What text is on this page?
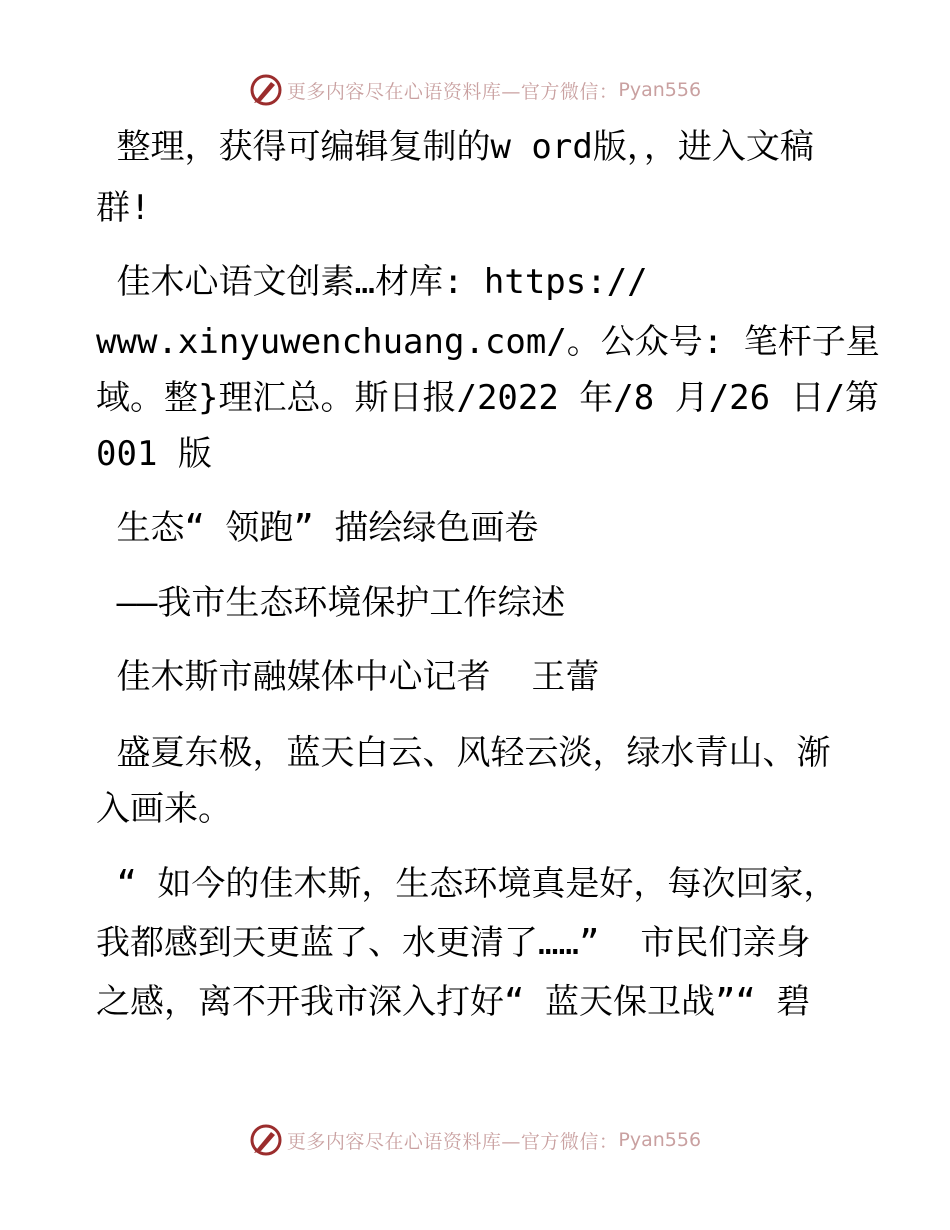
更多内容尽在心语资料库—官方微信： Pyan556

整理，获得可编辑复制的w ord版，，进入文稿

群!

佳木心语文创素…材库: https://

www.xinyuwenchuang.com/。公众号: 笔杆子星

域。整}理汇总。斯日报/2022 年/8 月/26 日/第

001 版

生态“ 领跑” 描绘绿色画卷

——我市生态环境保护工作综述

佳木斯市融媒体中心记者  王蕾

盛夏东极，蓝天白云、风轻云淡，绿水青山、渐

入画来。

“ 如今的佳木斯，生态环境真是好，每次回家，

我都感到天更蓝了、水更清了……”  市民们亲身

之感，离不开我市深入打好“ 蓝天保卫战”“ 碧

更多内容尽在心语资料库—官方微信： Pyan556
